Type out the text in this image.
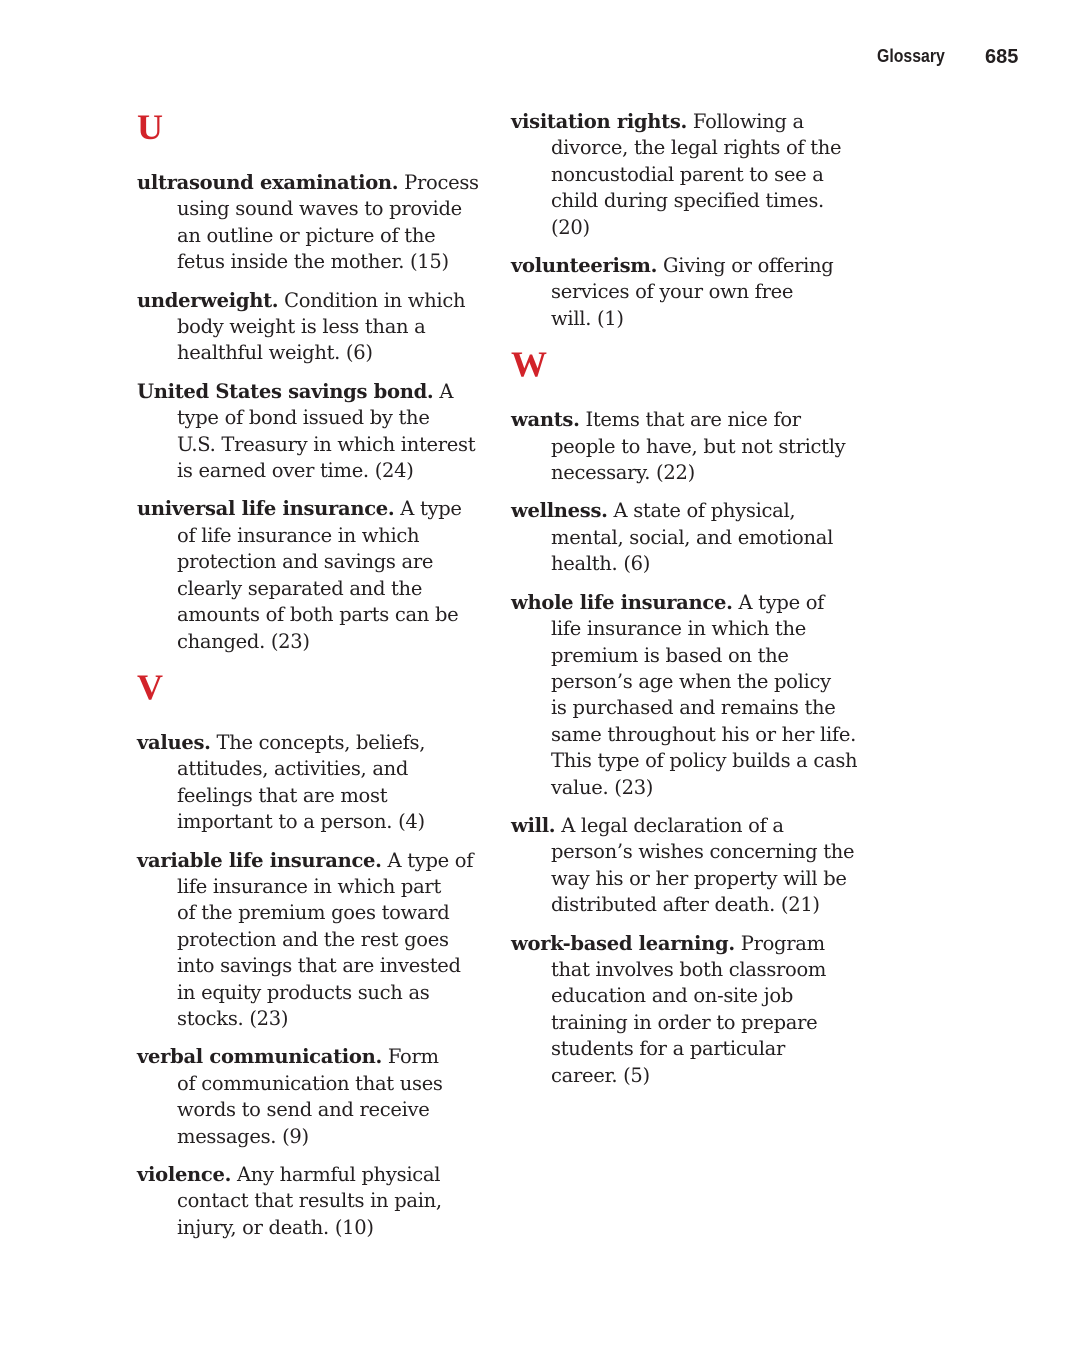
Glossary 685
U
ultrasound examination. Process
using sound waves to provide
an outline or picture of the
fetus inside the mother. (15)
underweight. Condition in which
body weight is less than a
healthful weight. (6)
United States savings bond. A
type of bond issued by the
U.S. Treasury in which interest
is earned over time. (24)
universal life insurance. A type
of life insurance in which
protection and savings are
clearly separated and the
amounts of both parts can be
changed. (23)
V
values. The concepts, beliefs,
attitudes, activities, and
feelings that are most
important to a person. (4)
variable life insurance. A type of
life insurance in which part
of the premium goes toward
protection and the rest goes
into savings that are invested
in equity products such as
stocks. (23)
verbal communication. Form
of communication that uses
words to send and receive
messages. (9)
violence. Any harmful physical
contact that results in pain,
injury, or death. (10)
visitation rights. Following a
divorce, the legal rights of the
noncustodial parent to see a
child during specified times.
(20)
volunteerism. Giving or offering
services of your own free
will. (1)
W
wants. Items that are nice for
people to have, but not strictly
necessary. (22)
wellness. A state of physical,
mental, social, and emotional
health. (6)
whole life insurance. A type of
life insurance in which the
premium is based on the
person’s age when the policy
is purchased and remains the
same throughout his or her life.
This type of policy builds a cash
value. (23)
will. A legal declaration of a
person’s wishes concerning the
way his or her property will be
distributed after death. (21)
work-based learning. Program
that involves both classroom
education and on-site job
training in order to prepare
students for a particular
career. (5)
